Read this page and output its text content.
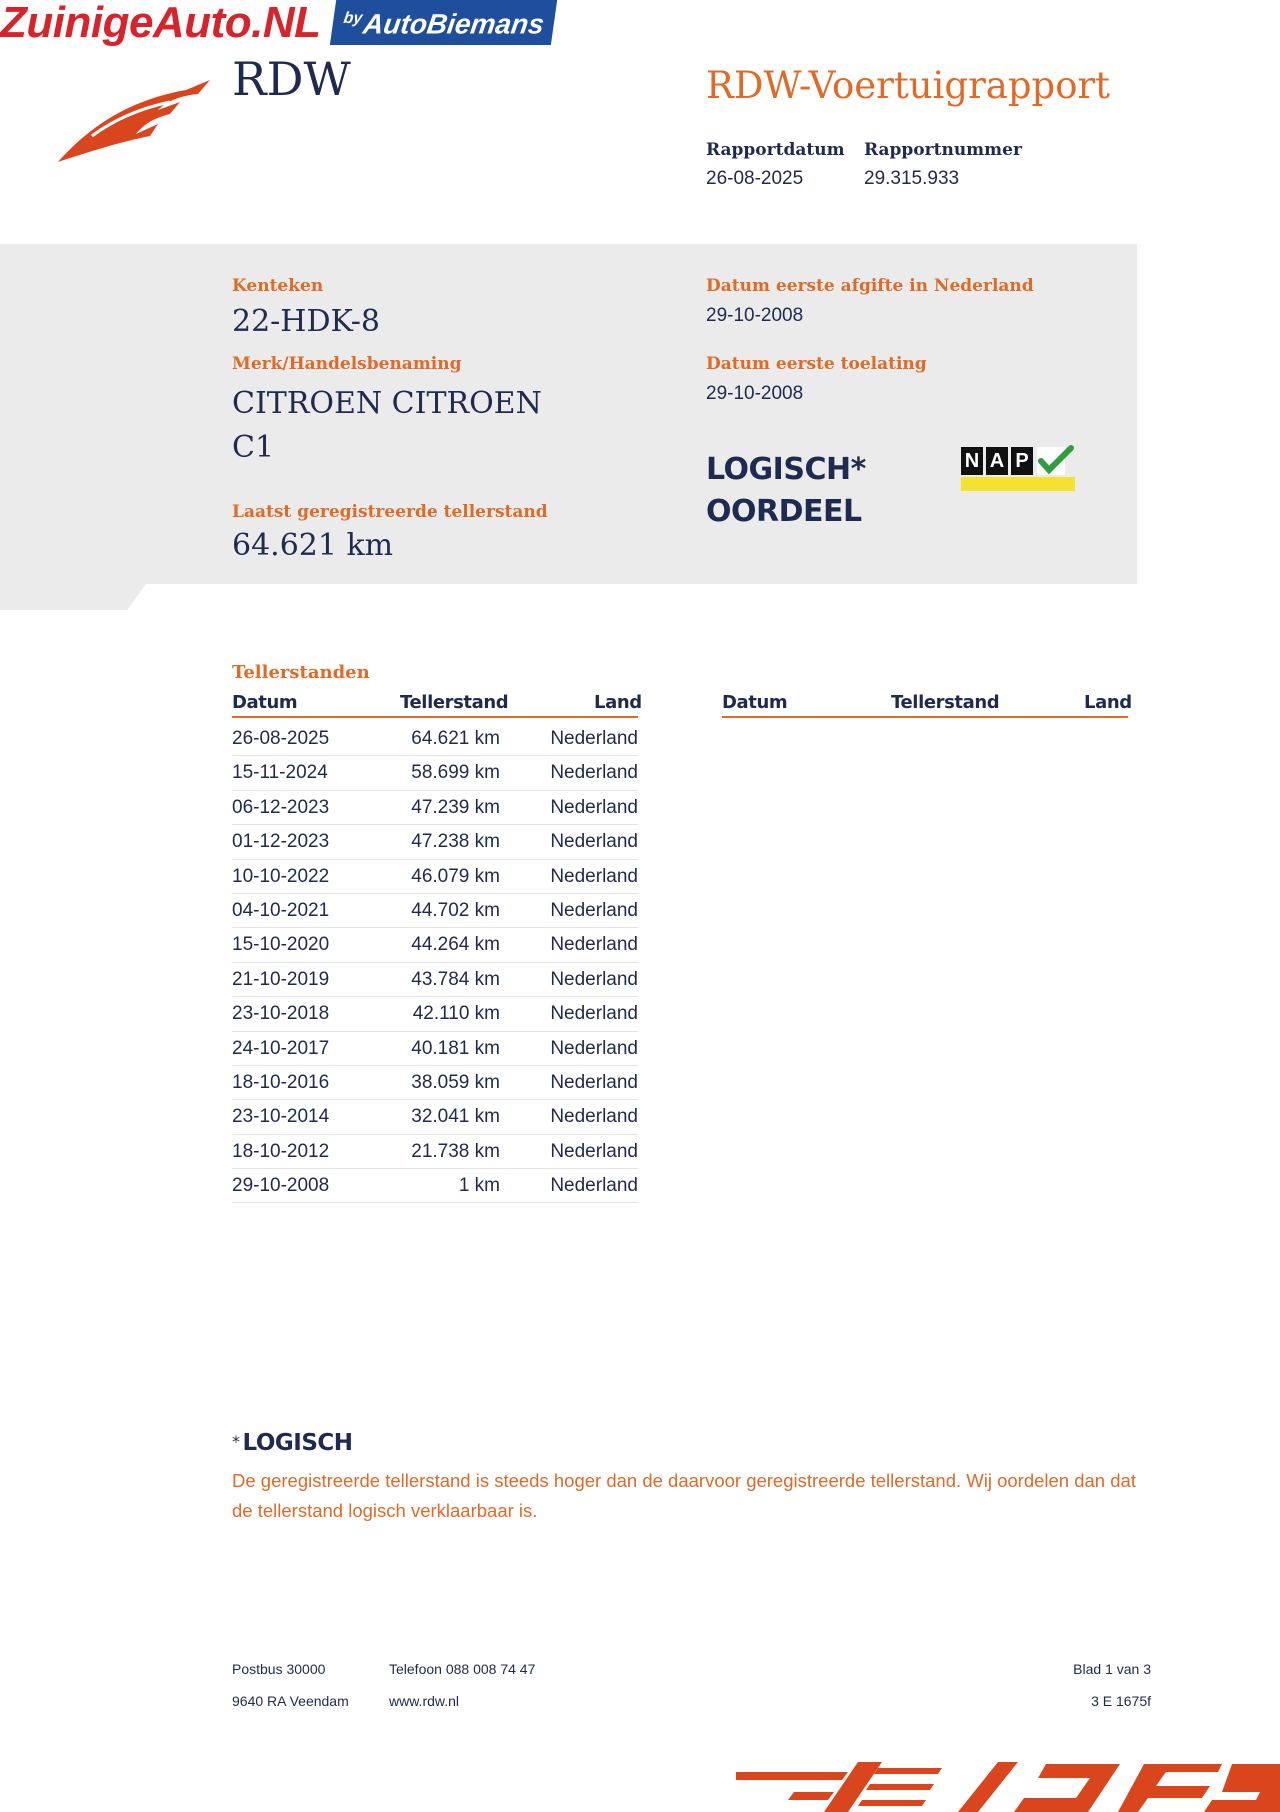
ZuinigeAuto.NL	$^{by}$AutoBiemans
RDW	RDW-Voertuigrapport
Rapportdatum
26-08-2025
Rapportnummer
29.315.933
Kenteken
22-HDK-8
Merk/Handelsbenaming
CITROEN CITROEN
C1
Laatst geregistreerde tellerstand
64.621 km
Datum eerste afgifte in Nederland
29-10-2008
Datum eerste toelating
29-10-2008
LOGISCH*
OORDEEL
N A P
Tellerstanden
Datum	Tellerstand	Land	Datum	Tellerstand	Land
26-08-2025	64.621 km	Nederland
15-11-2024	58.699 km	Nederland
06-12-2023	47.239 km	Nederland
01-12-2023	47.238 km	Nederland
10-10-2022	46.079 km	Nederland
04-10-2021	44.702 km	Nederland
15-10-2020	44.264 km	Nederland
21-10-2019	43.784 km	Nederland
23-10-2018	42.110 km	Nederland
24-10-2017	40.181 km	Nederland
18-10-2016	38.059 km	Nederland
23-10-2014	32.041 km	Nederland
18-10-2012	21.738 km	Nederland
29-10-2008	1 km	Nederland
* LOGISCH
De geregistreerde tellerstand is steeds hoger dan de daarvoor geregistreerde tellerstand. Wij oordelen dan dat de tellerstand logisch verklaarbaar is.
Postbus 30000
9640 RA Veendam
Telefoon 088 008 74 47
www.rdw.nl
Blad 1 van 3
3 E 1675f
